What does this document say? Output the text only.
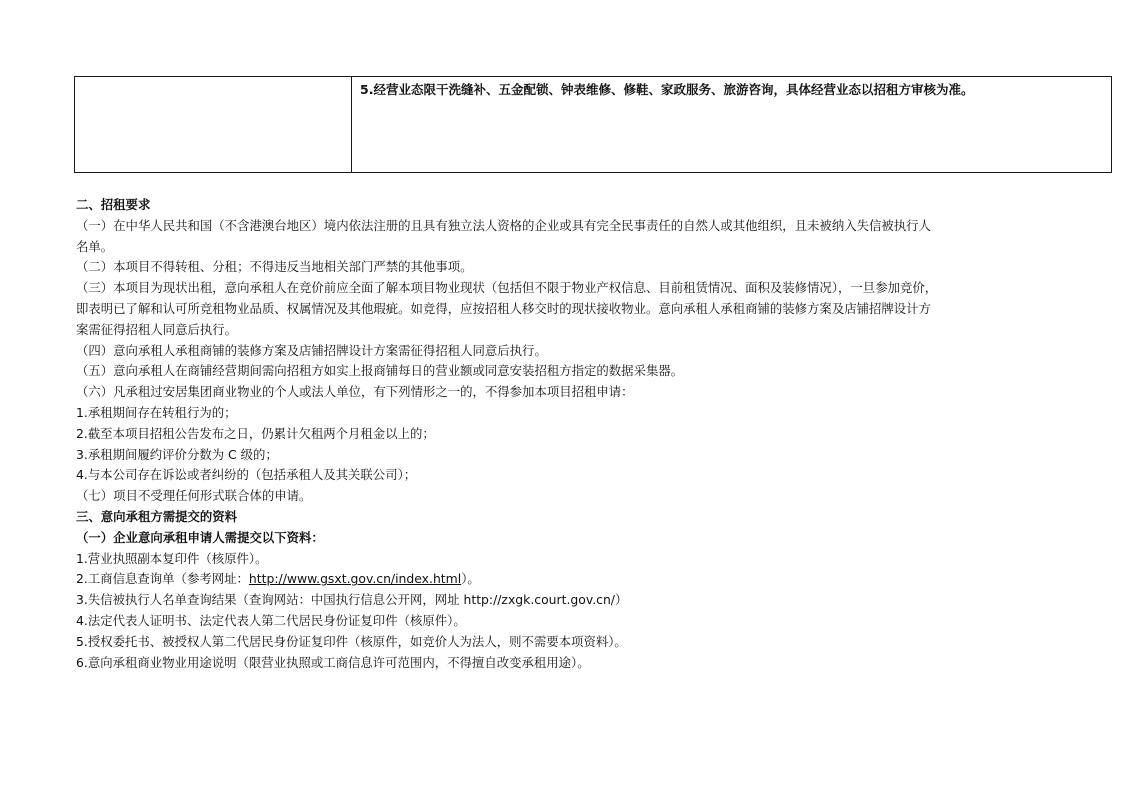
	5.经营业态限干洗缝补、五金配锁、钟表维修、修鞋、家政服务、旅游咨询，具体经营业态以招租方审核为准。
二、招租要求
（一）在中华人民共和国（不含港澳台地区）境内依法注册的且具有独立法人资格的企业或具有完全民事责任的自然人或其他组织，且未被纳入失信被执行人
名单。
（二）本项目不得转租、分租；不得违反当地相关部门严禁的其他事项。
（三）本项目为现状出租，意向承租人在竞价前应全面了解本项目物业现状（包括但不限于物业产权信息、目前租赁情况、面积及装修情况），一旦参加竞价，
即表明已了解和认可所竞租物业品质、权属情况及其他瑕疵。如竞得，应按招租人移交时的现状接收物业。意向承租人承租商铺的装修方案及店铺招牌设计方
案需征得招租人同意后执行。
（四）意向承租人承租商铺的装修方案及店铺招牌设计方案需征得招租人同意后执行。
（五）意向承租人在商铺经营期间需向招租方如实上报商铺每日的营业额或同意安装招租方指定的数据采集器。
（六）凡承租过安居集团商业物业的个人或法人单位，有下列情形之一的，不得参加本项目招租申请：
1.承租期间存在转租行为的；
2.截至本项目招租公告发布之日，仍累计欠租两个月租金以上的；
3.承租期间履约评价分数为 C 级的；
4.与本公司存在诉讼或者纠纷的（包括承租人及其关联公司）；
（七）项目不受理任何形式联合体的申请。
三、意向承租方需提交的资料
（一）企业意向承租申请人需提交以下资料：
1.营业执照副本复印件（核原件）。
2.工商信息查询单（参考网址：http://www.gsxt.gov.cn/index.html）。
3.失信被执行人名单查询结果（查询网站：中国执行信息公开网，网址 http://zxgk.court.gov.cn/）
4.法定代表人证明书、法定代表人第二代居民身份证复印件（核原件）。
5.授权委托书、被授权人第二代居民身份证复印件（核原件，如竞价人为法人，则不需要本项资料）。
6.意向承租商业物业用途说明（限营业执照或工商信息许可范围内，不得擅自改变承租用途）。
